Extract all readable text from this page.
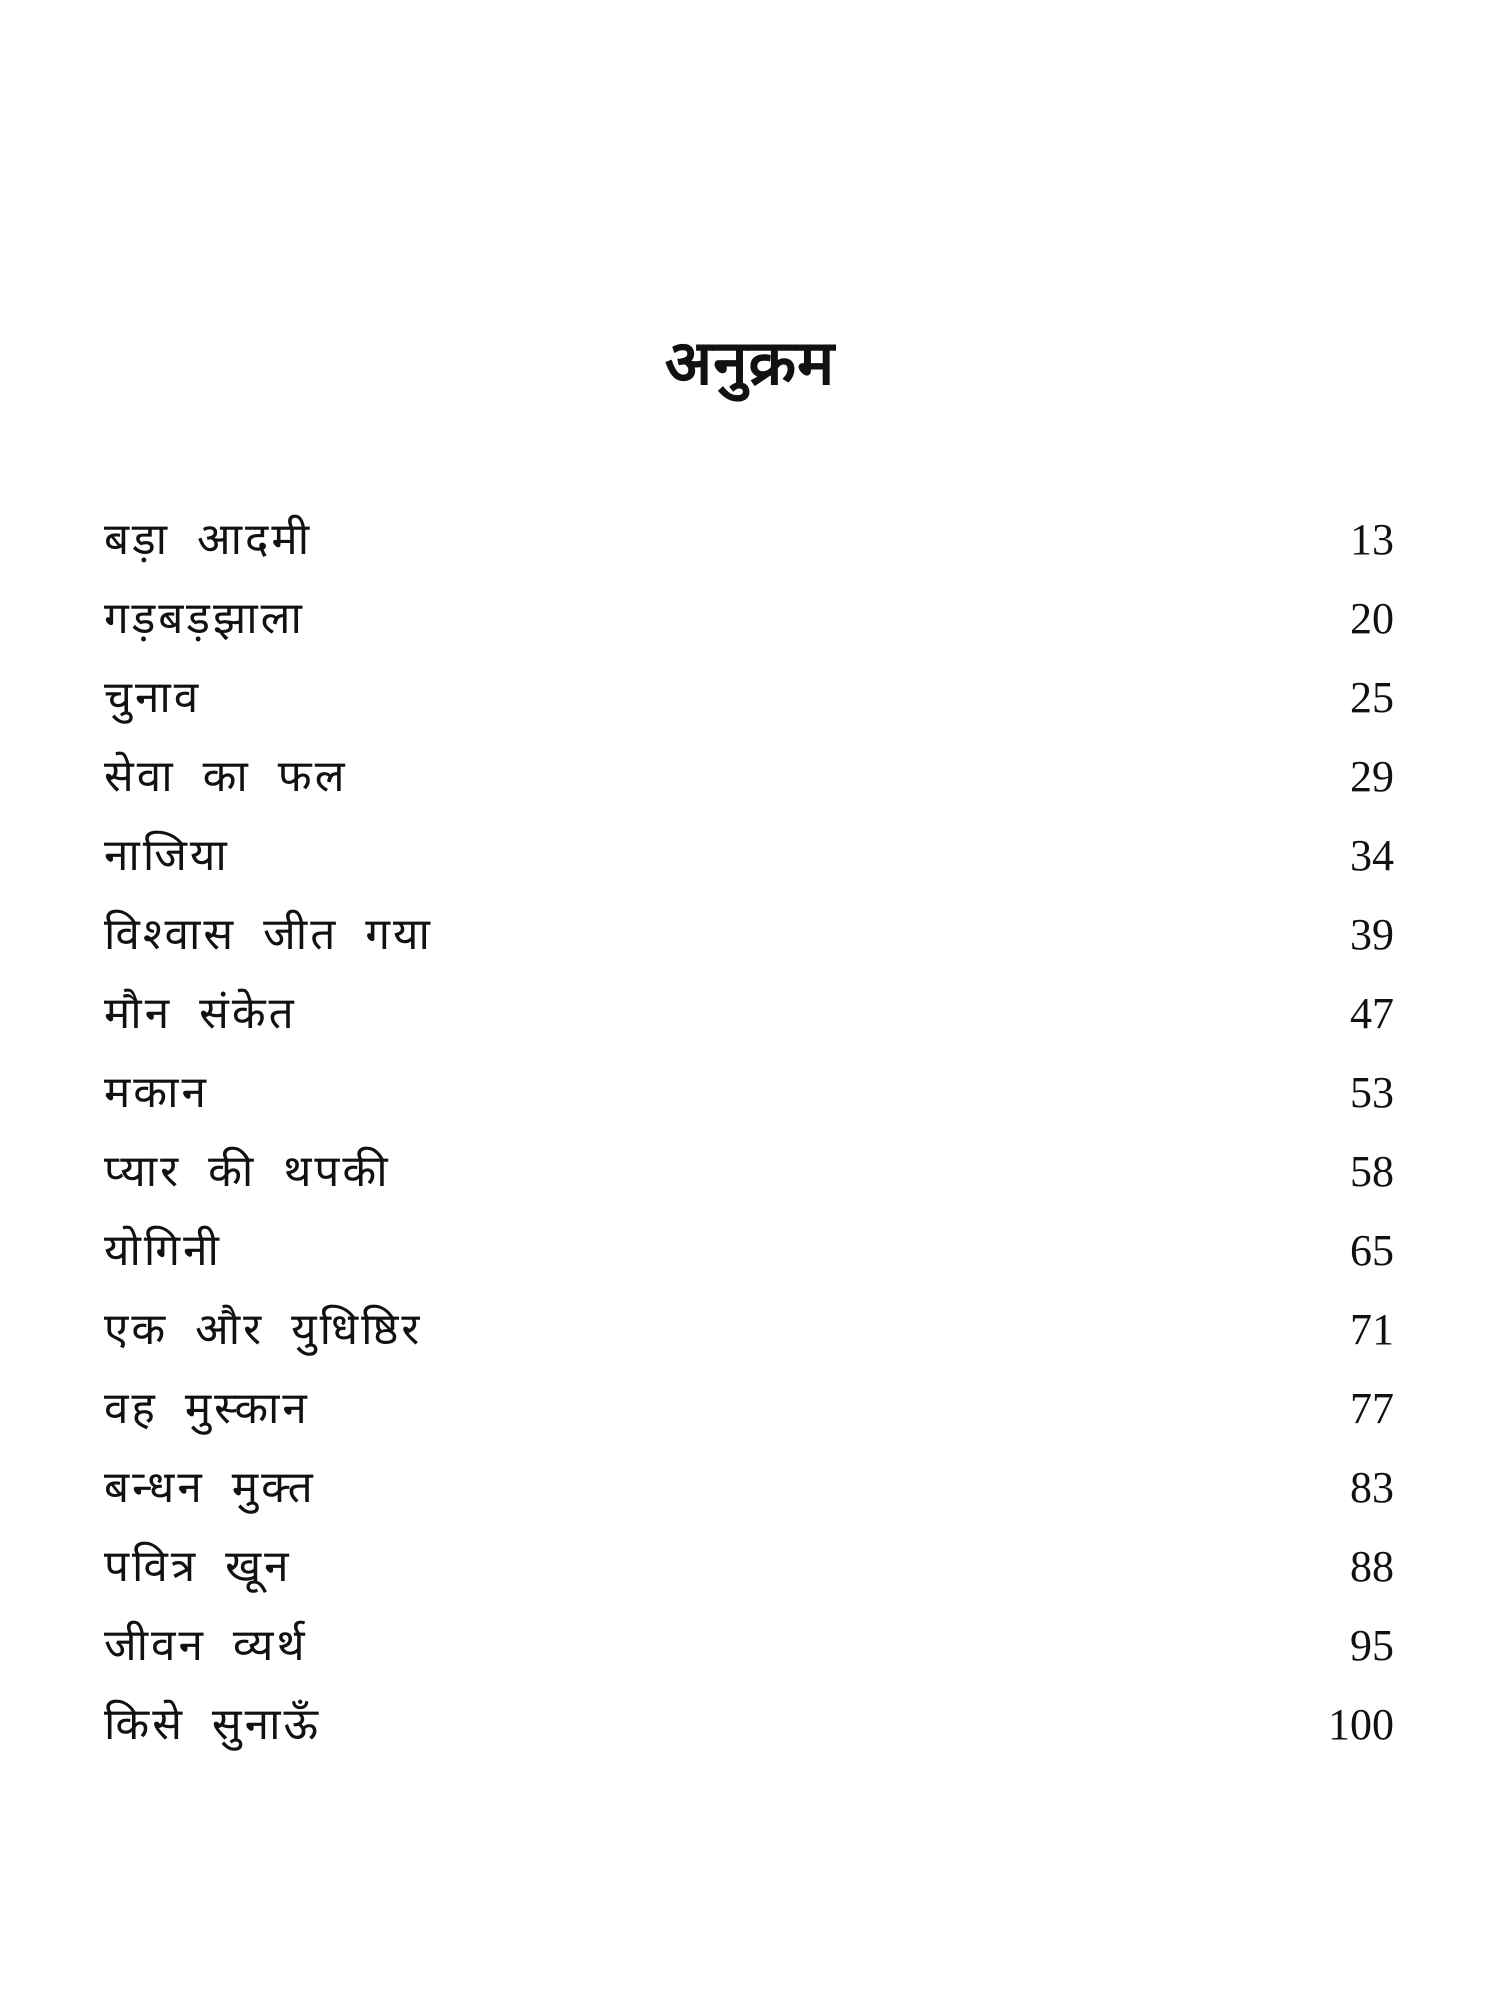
अनुक्रम
बड़ा आदमी	13
गड़बड़झाला	20
चुनाव	25
सेवा का फल	29
नाजिया	34
विश्वास जीत गया	39
मौन संकेत	47
मकान	53
प्यार की थपकी	58
योगिनी	65
एक और युधिष्ठिर	71
वह मुस्कान	77
बन्धन मुक्त	83
पवित्र खून	88
जीवन व्यर्थ	95
किसे सुनाऊँ	100
